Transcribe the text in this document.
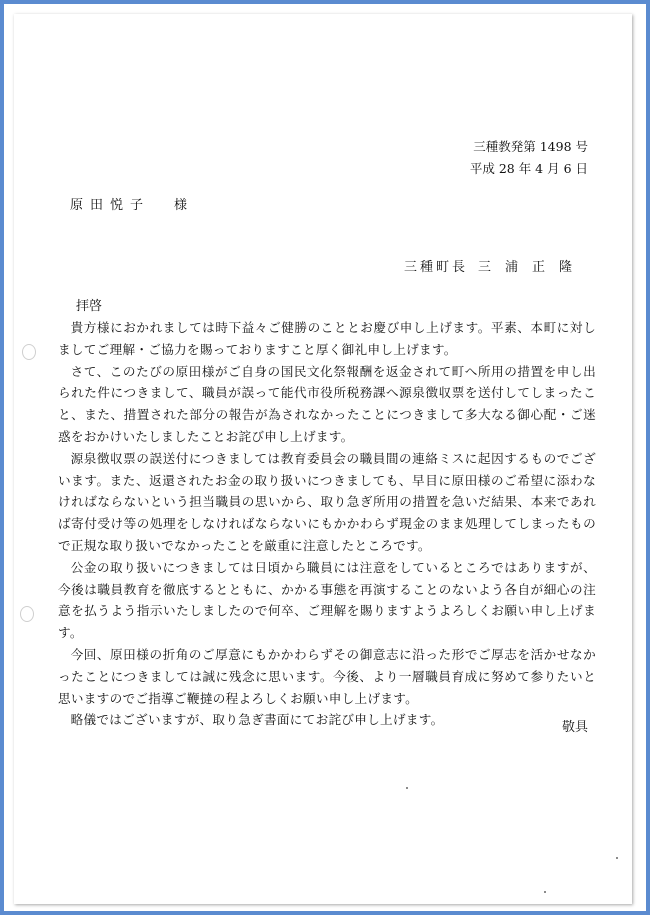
三種教発第 1498 号
平成 28 年 4 月 6 日
原田悦子 様
三種町長 三浦正隆
拝啓

貴方様におかれましては時下益々ご健勝のこととお慶び申し上げます。平素、本町に対しましてご理解・ご協力を賜っておりますこと厚く御礼申し上げます。

さて、このたびの原田様がご自身の国民文化祭報酬を返金されて町へ所用の措置を申し出られた件につきまして、職員が誤って能代市役所税務課へ源泉徴収票を送付してしまったこと、また、措置された部分の報告が為されなかったことにつきまして多大なる御心配・ご迷惑をおかけいたしましたことお詫び申し上げます。

源泉徴収票の誤送付につきましては教育委員会の職員間の連絡ミスに起因するものでございます。また、返還されたお金の取り扱いにつきましても、早目に原田様のご希望に添わなければならないという担当職員の思いから、取り急ぎ所用の措置を急いだ結果、本来であれば寄付受け等の処理をしなければならないにもかかわらず現金のまま処理してしまったもので正規な取り扱いでなかったことを厳重に注意したところです。

公金の取り扱いにつきましては日頃から職員には注意をしているところではありますが、今後は職員教育を徹底するとともに、かかる事態を再演することのないよう各自が細心の注意を払うよう指示いたしましたので何卒、ご理解を賜りますようよろしくお願い申し上げます。

今回、原田様の折角のご厚意にもかかわらずその御意志に沿った形でご厚志を活かせなかったことにつきましては誠に残念に思います。今後、より一層職員育成に努めて参りたいと思いますのでご指導ご鞭撻の程よろしくお願い申し上げます。

略儀ではございますが、取り急ぎ書面にてお詫び申し上げます。

敬具
